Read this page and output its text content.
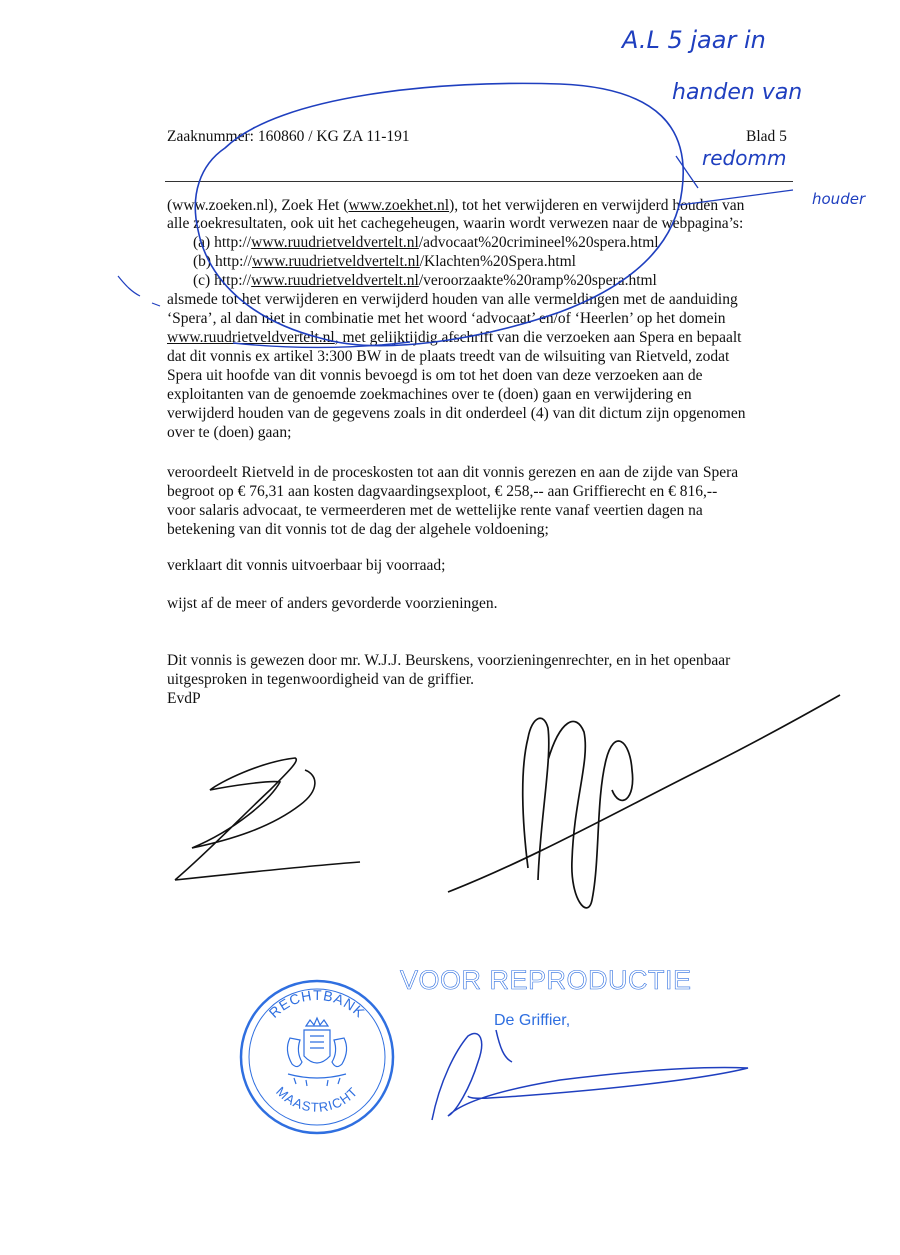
Zaaknummer: 160860 / KG ZA 11-191	Blad 5
(www.zoeken.nl), Zoek Het (www.zoekhet.nl), tot het verwijderen en verwijderd houden van
alle zoekresultaten, ook uit het cachegeheugen, waarin wordt verwezen naar de webpagina’s:
(a) http://www.ruudrietveldvertelt.nl/advocaat%20crimineel%20spera.html
(b) http://www.ruudrietveldvertelt.nl/Klachten%20Spera.html
(c) http://www.ruudrietveldvertelt.nl/veroorzaakte%20ramp%20spera.html
alsmede tot het verwijderen en verwijderd houden van alle vermeldingen met de aanduiding
‘Spera’, al dan niet in combinatie met het woord ‘advocaat’ en/of ‘Heerlen’ op het domein
www.ruudrietveldvertelt.nl, met gelijktijdig afschrift van die verzoeken aan Spera en bepaalt
dat dit vonnis ex artikel 3:300 BW in de plaats treedt van de wilsuiting van Rietveld, zodat
Spera uit hoofde van dit vonnis bevoegd is om tot het doen van deze verzoeken aan de
exploitanten van de genoemde zoekmachines over te (doen) gaan en verwijdering en
verwijderd houden van de gegevens zoals in dit onderdeel (4) van dit dictum zijn opgenomen
over te (doen) gaan;
veroordeelt Rietveld in de proceskosten tot aan dit vonnis gerezen en aan de zijde van Spera
begroot op € 76,31 aan kosten dagvaardingsexploot, € 258,-- aan Griffierecht en € 816,--
voor salaris advocaat, te vermeerderen met de wettelijke rente vanaf veertien dagen na
betekening van dit vonnis tot de dag der algehele voldoening;
verklaart dit vonnis uitvoerbaar bij voorraad;
wijst af de meer of anders gevorderde voorzieningen.
Dit vonnis is gewezen door mr. W.J.J. Beurskens, voorzieningenrechter, en in het openbaar
uitgesproken in tegenwoordigheid van de griffier.
EvdP
A.L 5 jaar in
handen van
redomm
houder
VOOR REPRODUCTIE
De Griffier,
RECHTBANK
MAASTRICHT
